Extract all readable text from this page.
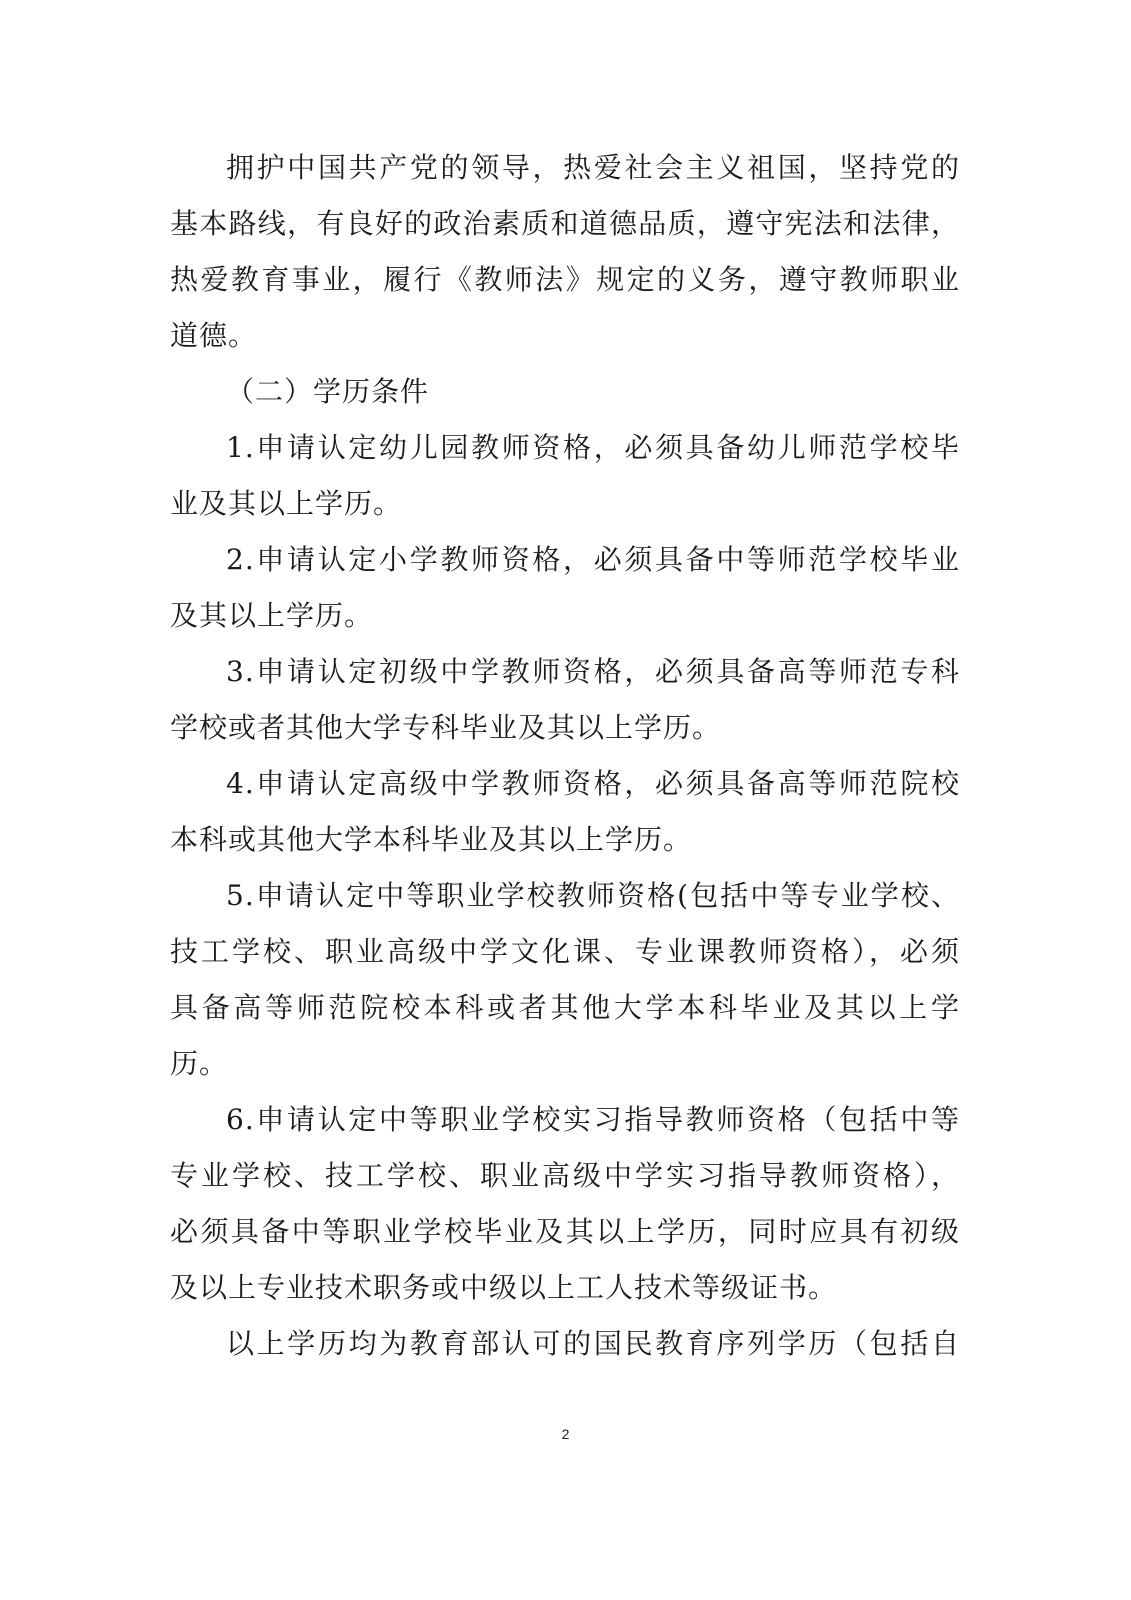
拥护中国共产党的领导，热爱社会主义祖国，坚持党的
基本路线，有良好的政治素质和道德品质，遵守宪法和法律，
热爱教育事业，履行《教师法》规定的义务，遵守教师职业
道德。
（二）学历条件
1.申请认定幼儿园教师资格，必须具备幼儿师范学校毕
业及其以上学历。
2.申请认定小学教师资格，必须具备中等师范学校毕业
及其以上学历。
3.申请认定初级中学教师资格，必须具备高等师范专科
学校或者其他大学专科毕业及其以上学历。
4.申请认定高级中学教师资格，必须具备高等师范院校
本科或其他大学本科毕业及其以上学历。
5.申请认定中等职业学校教师资格(包括中等专业学校、
技工学校、职业高级中学文化课、专业课教师资格），必须
具备高等师范院校本科或者其他大学本科毕业及其以上学
历。
6.申请认定中等职业学校实习指导教师资格（包括中等
专业学校、技工学校、职业高级中学实习指导教师资格），
必须具备中等职业学校毕业及其以上学历，同时应具有初级
及以上专业技术职务或中级以上工人技术等级证书。
以上学历均为教育部认可的国民教育序列学历（包括自
2
